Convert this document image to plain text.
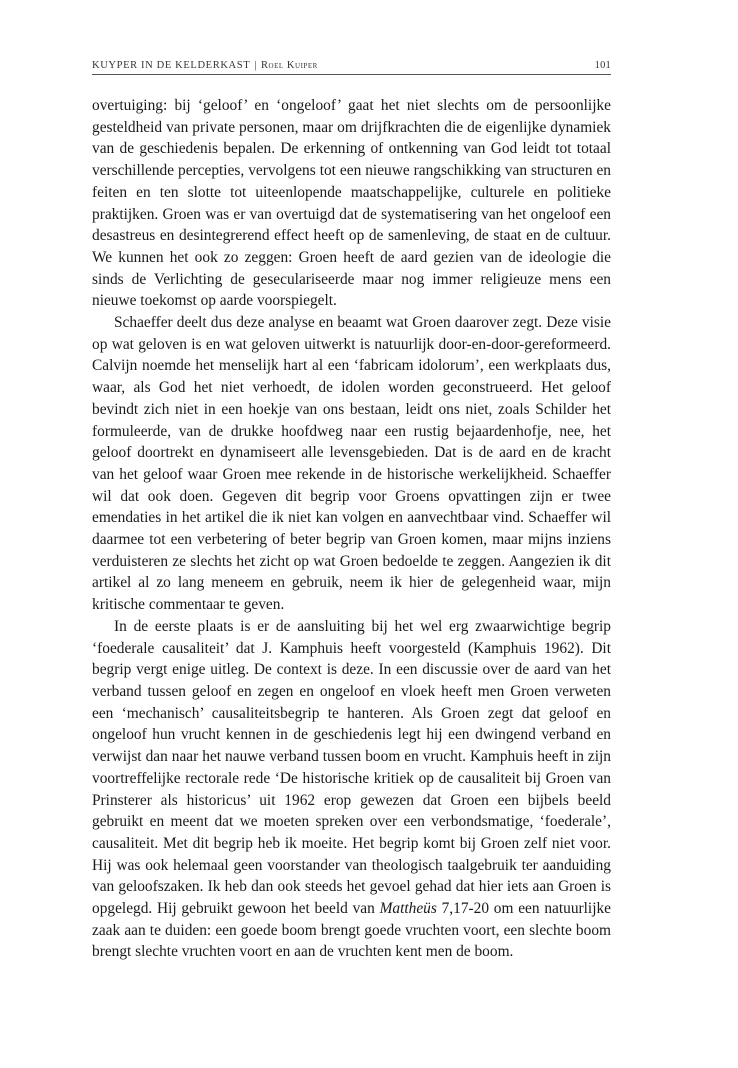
KUYPER IN DE KELDERKAST | Roel Kuiper	101

overtuiging: bij ‘geloof’ en ‘ongeloof’ gaat het niet slechts om de persoonlijke gesteldheid van private personen, maar om drijfkrachten die de eigenlijke dynamiek van de geschiedenis bepalen. De erkenning of ontkenning van God leidt tot totaal verschillende percepties, vervolgens tot een nieuwe rangschikking van structuren en feiten en ten slotte tot uiteenlopende maatschappelijke, culturele en politieke praktijken. Groen was er van overtuigd dat de systematisering van het ongeloof een desastreus en desintegrerend effect heeft op de samenleving, de staat en de cultuur. We kunnen het ook zo zeggen: Groen heeft de aard gezien van de ideologie die sinds de Verlichting de geseculariseerde maar nog immer religieuze mens een nieuwe toekomst op aarde voorspiegelt.

Schaeffer deelt dus deze analyse en beaamt wat Groen daarover zegt. Deze visie op wat geloven is en wat geloven uitwerkt is natuurlijk door-en-door-gereformeerd. Calvijn noemde het menselijk hart al een ‘fabricam idolorum’, een werkplaats dus, waar, als God het niet verhoedt, de idolen worden geconstrueerd. Het geloof bevindt zich niet in een hoekje van ons bestaan, leidt ons niet, zoals Schilder het formuleerde, van de drukke hoofdweg naar een rustig bejaardenhofje, nee, het geloof doortrekt en dynamiseert alle levensgebieden. Dat is de aard en de kracht van het geloof waar Groen mee rekende in de historische werkelijkheid. Schaeffer wil dat ook doen. Gegeven dit begrip voor Groens opvattingen zijn er twee emendaties in het artikel die ik niet kan volgen en aanvechtbaar vind. Schaeffer wil daarmee tot een verbetering of beter begrip van Groen komen, maar mijns inziens verduisteren ze slechts het zicht op wat Groen bedoelde te zeggen. Aangezien ik dit artikel al zo lang meneem en gebruik, neem ik hier de gelegenheid waar, mijn kritische commentaar te geven.

In de eerste plaats is er de aansluiting bij het wel erg zwaarwichtige begrip ‘foederale causaliteit’ dat J. Kamphuis heeft voorgesteld (Kamphuis 1962). Dit begrip vergt enige uitleg. De context is deze. In een discussie over de aard van het verband tussen geloof en zegen en ongeloof en vloek heeft men Groen verweten een ‘mechanisch’ causaliteitsbegrip te hanteren. Als Groen zegt dat geloof en ongeloof hun vrucht kennen in de geschiedenis legt hij een dwingend verband en verwijst dan naar het nauwe verband tussen boom en vrucht. Kamphuis heeft in zijn voortreffelijke rectorale rede ‘De historische kritiek op de causaliteit bij Groen van Prinsterer als historicus’ uit 1962 erop gewezen dat Groen een bijbels beeld gebruikt en meent dat we moeten spreken over een verbondsmatige, ‘foederale’, causaliteit. Met dit begrip heb ik moeite. Het begrip komt bij Groen zelf niet voor. Hij was ook helemaal geen voorstander van theologisch taalgebruik ter aanduiding van geloofszaken. Ik heb dan ook steeds het gevoel gehad dat hier iets aan Groen is opgelegd. Hij gebruikt gewoon het beeld van Mattheüs 7,17-20 om een natuurlijke zaak aan te duiden: een goede boom brengt goede vruchten voort, een slechte boom brengt slechte vruchten voort en aan de vruchten kent men de boom.
